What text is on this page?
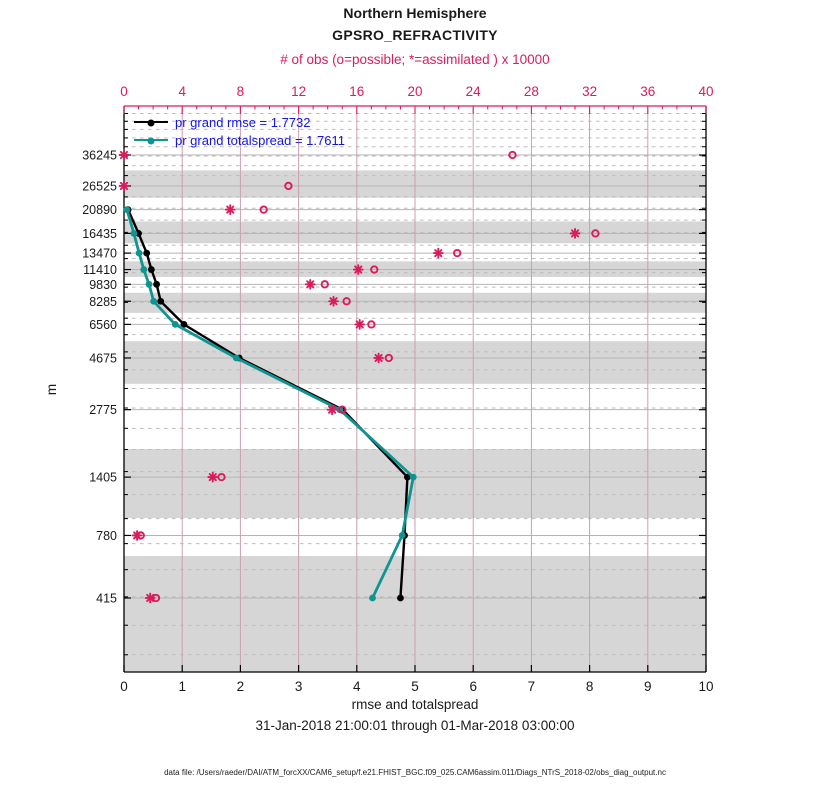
Northern Hemisphere
GPSRO_REFRACTIVITY
# of obs (o=possible; *=assimilated ) x 10000
0	4	8	12	16	20	24	28	32	36	40
0	1	2	3	4	5	6	7	8	9	10
36245
26525
20890
16435
13470
11410
9830
8285
6560
4675
2775
1405
780
415
pr grand rmse = 1.7732
pr grand totalspread = 1.7611
m
rmse and totalspread
31-Jan-2018 21:00:01 through 01-Mar-2018 03:00:00
data file: /Users/raeder/DAI/ATM_forcXX/CAM6_setup/f.e21.FHIST_BGC.f09_025.CAM6assim.011/Diags_NTrS_2018-02/obs_diag_output.nc
